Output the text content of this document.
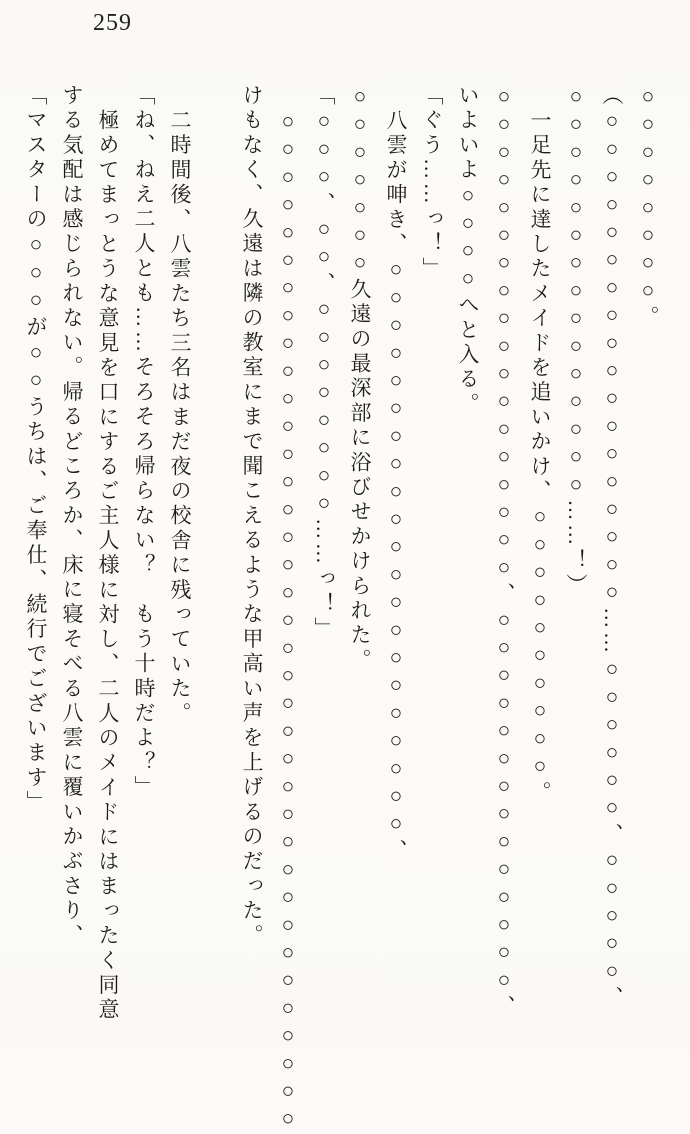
259

○○○○○○○○。

（○○○○○○○○○○○○○○○○○○……○○○○○○、○○○○○、○○○○○○○○○○○○○○○……！）

一足先に達したメイドを追いかけ、○○○○○○○○○○。○○○○○○○○○○○○○○○○○○、○○○○○○○○○○○○○○、いよいよ○○○○へと入る。

「ぐう……っ！」

八雲が呻き、○○○○○○○○○○○○○○○○○○○○○、○○○○○○○久遠の最深部に浴びせかけられた。

「○○○、○○、○○○○○○○○……っ！」

○○○○○○○○○○○○○○○○○○○○○○○○○○○○○○○○○○○○○けもなく、久遠は隣の教室にまで聞こえるような甲高い声を上げるのだった。

二時間後、八雲たち三名はまだ夜の校舎に残っていた。

「ね、ねえ二人とも……そろそろ帰らない？　もう十時だよ？」

極めてまっとうな意見を口にするご主人様に対し、二人のメイドにはまったく同意する気配は感じられない。帰るどころか、床に寝そべる八雲に覆いかぶさり、

「マスターの○○○が○○うちは、ご奉仕、続行でございます」
